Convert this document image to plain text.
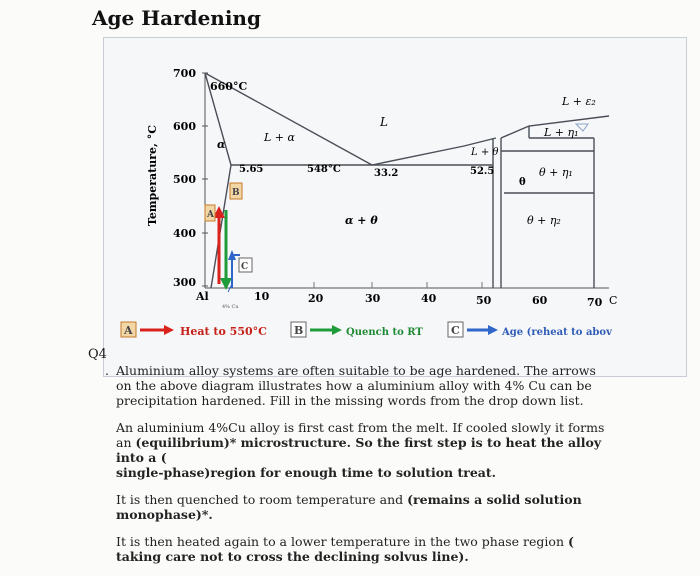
Age Hardening
700
600
500
400
300
Temperature, °C
Al	10	20	30	40	50	60	70 C
4% Cu
660°C
L
L + α
α
5.65	548°C	33.2
L + θ
52.5
θ
α + θ
L + ε₂
L + η₁
θ + η₁
θ + η₂
A
B
C
A	Heat to 550°C B	Quench to RT	C	Age (reheat to abov
Q4

. Aluminium alloy systems are often suitable to be age hardened. The arrows on the above diagram illustrates how a aluminium alloy with 4% Cu can be precipitation hardened. Fill in the missing words from the drop down list.

An aluminium 4%Cu alloy is first cast from the melt. If cooled slowly it forms an (equilibrium)* microstructure. So the first step is to heat the alloy into a (
single-phase)region for enough time to solution treat.

It is then quenched to room temperature and (remains a solid solution monophase)*.

It is then heated again to a lower temperature in the two phase region ( taking care not to cross the declining solvus line).
